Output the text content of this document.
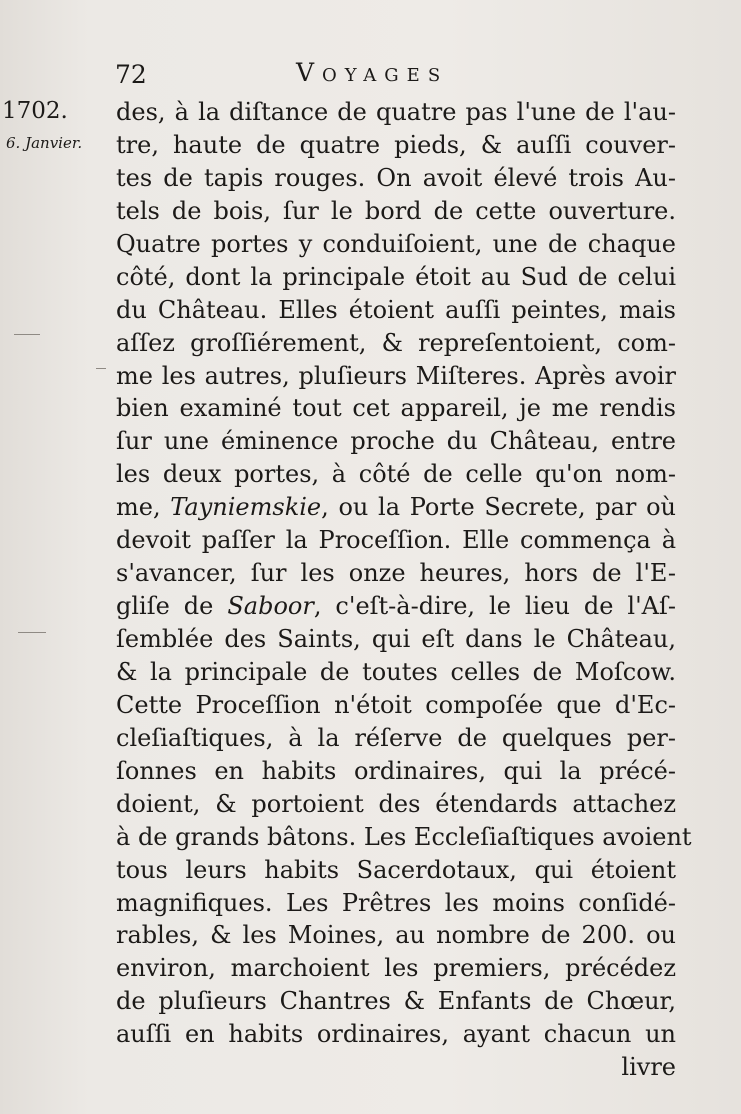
72	Voyages
1702.
6. Janvier.
des, à la diſtance de quatre pas l'une de l'au-
tre, haute de quatre pieds, & auſſi couver-
tes de tapis rouges. On avoit élevé trois Au-
tels de bois, ſur le bord de cette ouverture.
Quatre portes y conduiſoient, une de chaque
côté, dont la principale étoit au Sud de celui
du Château. Elles étoient auſſi peintes, mais
aſſez groſſiérement, & repreſentoient, com-
me les autres, pluſieurs Miſteres. Après avoir
bien examiné tout cet appareil, je me rendis
ſur une éminence proche du Château, entre
les deux portes, à côté de celle qu'on nom-
me, Tayniemskie, ou la Porte Secrete, par où
devoit paſſer la Proceſſion. Elle commença à
s'avancer, ſur les onze heures, hors de l'E-
gliſe de Saboor, c'eſt-à-dire, le lieu de l'Aſ-
ſemblée des Saints, qui eſt dans le Château,
& la principale de toutes celles de Moſcow.
Cette Proceſſion n'étoit compoſée que d'Ec-
cleſiaſtiques, à la réſerve de quelques per-
ſonnes en habits ordinaires, qui la précé-
doient, & portoient des étendards attachez
à de grands bâtons. Les Eccleſiaſtiques avoient
tous leurs habits Sacerdotaux, qui étoient
magnifiques. Les Prêtres les moins conſidé-
rables, & les Moines, au nombre de 200. ou
environ, marchoient les premiers, précédez
de pluſieurs Chantres & Enfants de Chœur,
auſſi en habits ordinaires, ayant chacun un
livre
